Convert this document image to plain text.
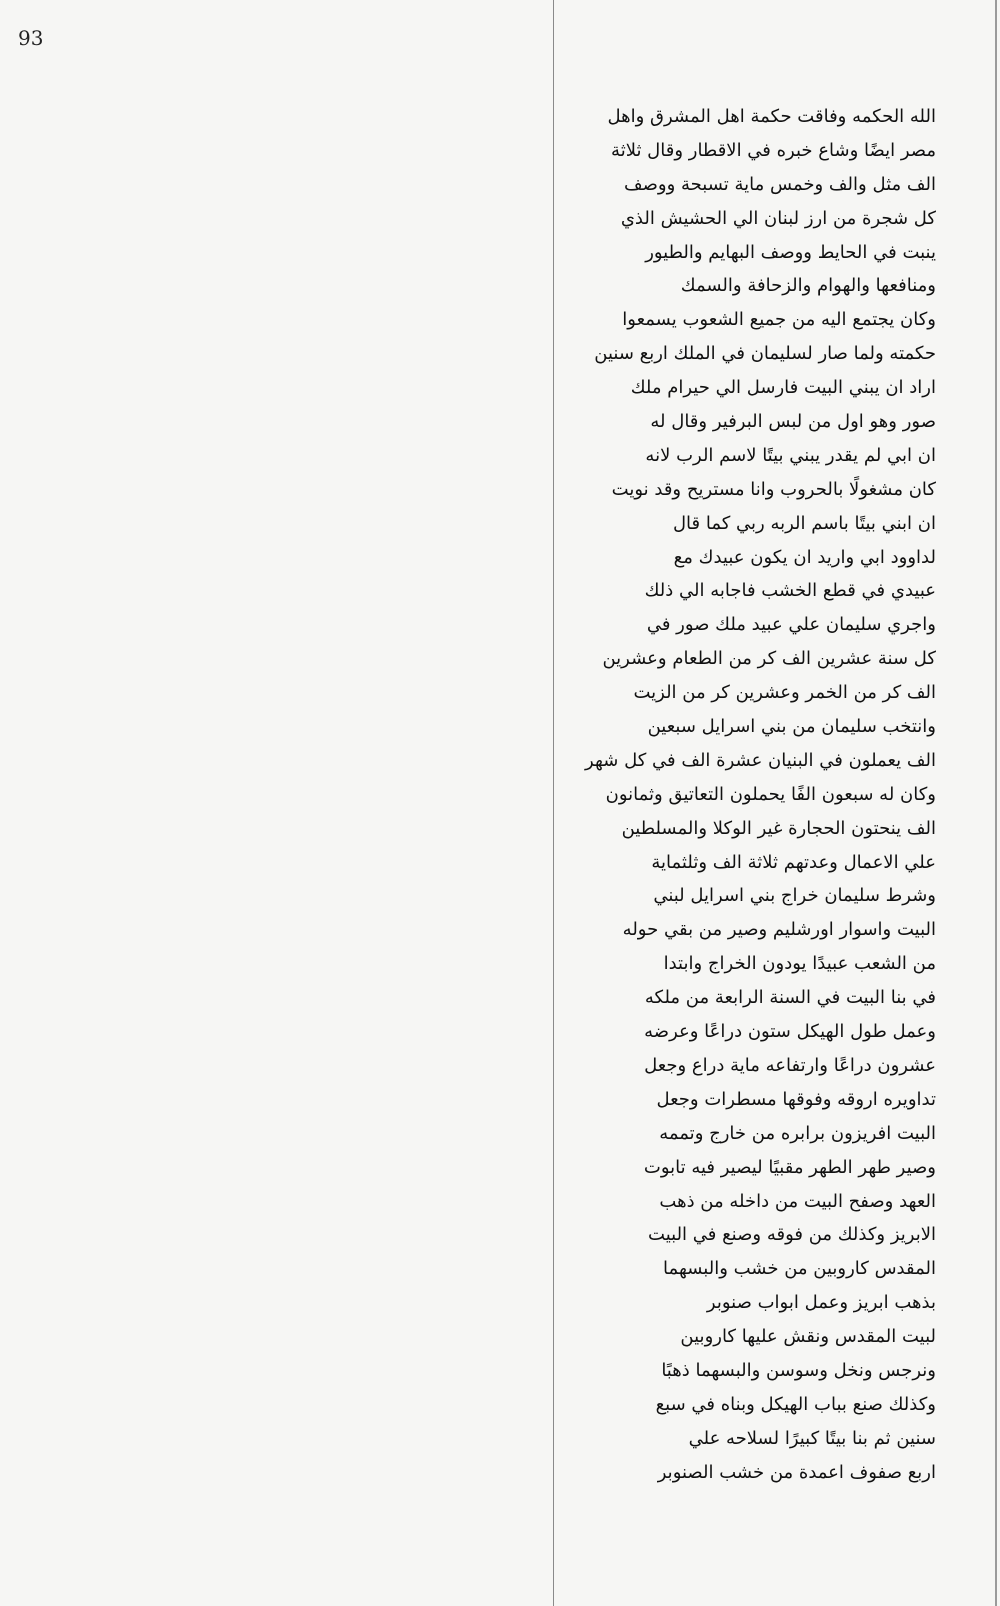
93
الله الحكمه وفاقت حكمة اهل المشرق واهل
مصر ايضًا وشاع خبره في الاقطار وقال ثلاثة
الف مثل والف وخمس ماية تسبحة ووصف
كل شجرة من ارز لبنان الي الحشيش الذي
ينبت في الحايط ووصف البهايم والطيور
ومنافعها والهوام والزحافة والسمك
وكان يجتمع اليه من جميع الشعوب يسمعوا
حكمته ولما صار لسليمان في الملك اربع سنين
اراد ان يبني البيت فارسل الي حيرام ملك
صور وهو اول من لبس البرفير وقال له
ان ابي لم يقدر يبني بيتًا لاسم الرب لانه
كان مشغولًا بالحروب وانا مستريح وقد نويت
ان ابني بيتًا باسم الربه ربي كما قال
لداوود ابي واريد ان يكون عبيدك مع
عبيدي في قطع الخشب فاجابه الي ذلك
واجري سليمان علي عبيد ملك صور في
كل سنة عشرين الف كر من الطعام وعشرين
الف كر من الخمر وعشرين كر من الزيت
وانتخب سليمان من بني اسرايل سبعين
الف يعملون في البنيان عشرة الف في كل شهر
وكان له سبعون الفًا يحملون التعاتيق وثمانون
الف ينحتون الحجارة غير الوكلا والمسلطين
علي الاعمال وعدتهم ثلاثة الف وثلثماية
وشرط سليمان خراج بني اسرايل لبني
البيت واسوار اورشليم وصير من بقي حوله
من الشعب عبيدًا يودون الخراج وابتدا
في بنا البيت في السنة الرابعة من ملكه
وعمل طول الهيكل ستون دراعًا وعرضه
عشرون دراعًا وارتفاعه ماية دراع وجعل
تداويره اروقه وفوقها مسطرات وجعل
البيت افريزون برابره من خارج وتممه
وصير طهر الطهر مقبيًا ليصير فيه تابوت
العهد وصفح البيت من داخله من ذهب
الابريز وكذلك من فوقه وصنع في البيت
المقدس كاروبين من خشب والبسهما
بذهب ابريز وعمل ابواب صنوبر
لبيت المقدس ونقش عليها كاروبين
ونرجس ونخل وسوسن والبسهما ذهبًا
وكذلك صنع بباب الهيكل وبناه في سبع
سنين ثم بنا بيتًا كبيرًا لسلاحه علي
اربع صفوف اعمدة من خشب الصنوبر
